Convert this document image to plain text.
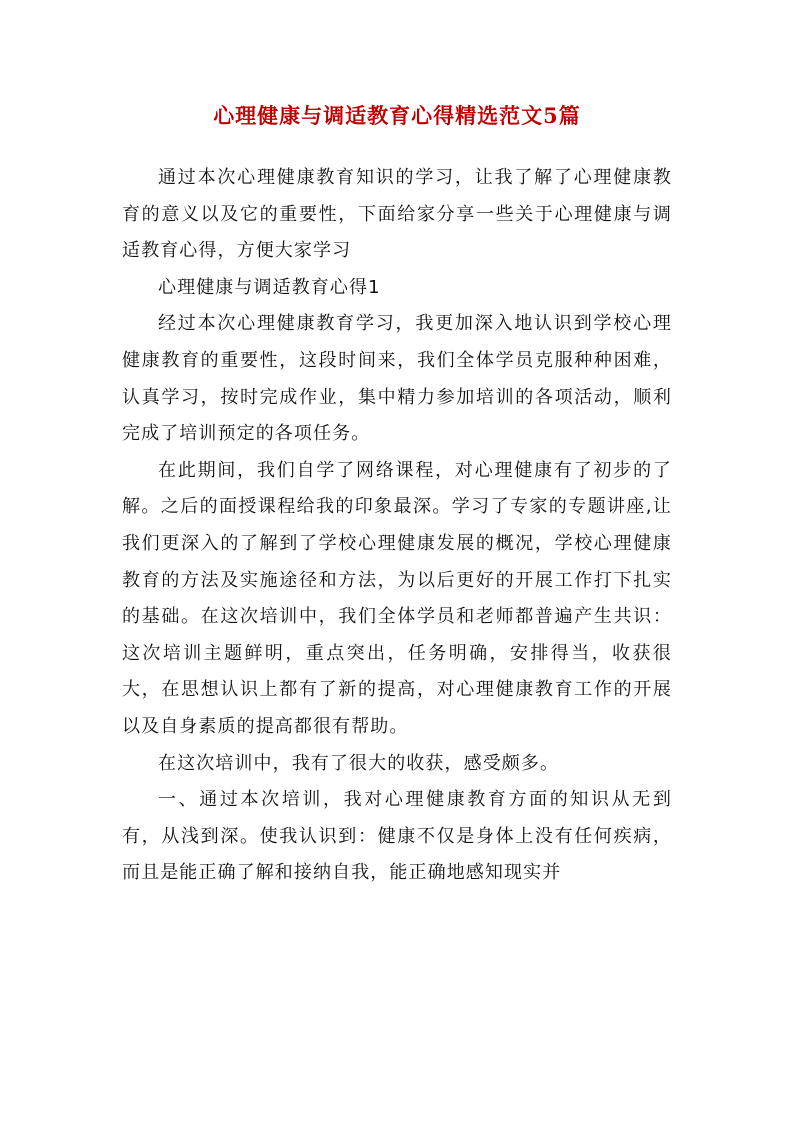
心理健康与调适教育心得精选范文5篇

通过本次心理健康教育知识的学习，让我了解了心理健康教育的意义以及它的重要性，下面给家分享一些关于心理健康与调适教育心得，方便大家学习

心理健康与调适教育心得1

经过本次心理健康教育学习，我更加深入地认识到学校心理健康教育的重要性，这段时间来，我们全体学员克服种种困难，认真学习，按时完成作业，集中精力参加培训的各项活动，顺利完成了培训预定的各项任务。

在此期间，我们自学了网络课程，对心理健康有了初步的了解。之后的面授课程给我的印象最深。学习了专家的专题讲座,让我们更深入的了解到了学校心理健康发展的概况，学校心理健康教育的方法及实施途径和方法，为以后更好的开展工作打下扎实的基础。在这次培训中，我们全体学员和老师都普遍产生共识：这次培训主题鲜明，重点突出，任务明确，安排得当，收获很大，在思想认识上都有了新的提高，对心理健康教育工作的开展以及自身素质的提高都很有帮助。

在这次培训中，我有了很大的收获，感受颇多。

一、通过本次培训，我对心理健康教育方面的知识从无到有，从浅到深。使我认识到：健康不仅是身体上没有任何疾病，而且是能正确了解和接纳自我，能正确地感知现实并
